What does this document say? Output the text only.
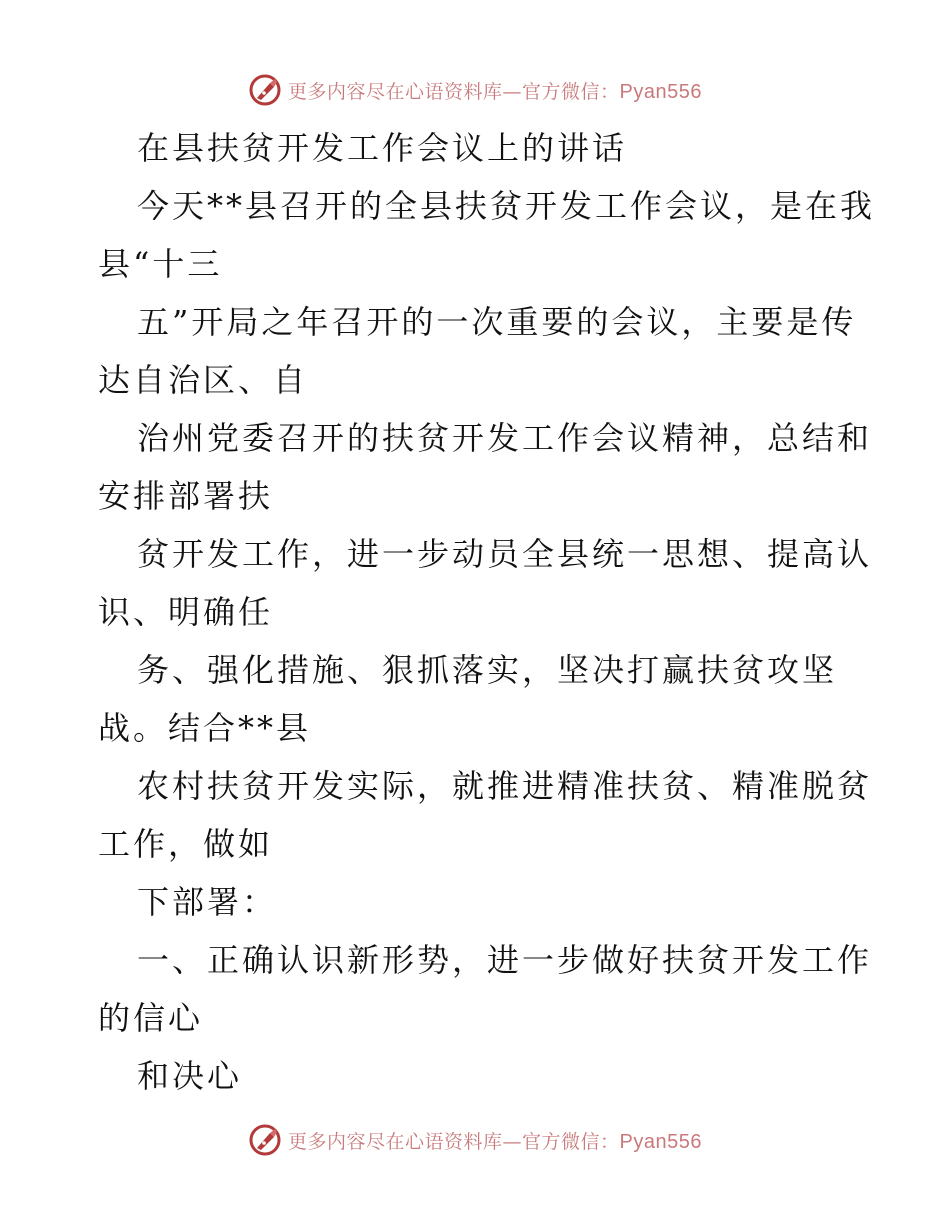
更多内容尽在心语资料库—官方微信：Pyan556
在县扶贫开发工作会议上的讲话
今天**县召开的全县扶贫开发工作会议，是在我
县“十三
五”开局之年召开的一次重要的会议，主要是传
达自治区、自
治州党委召开的扶贫开发工作会议精神，总结和
安排部署扶
贫开发工作，进一步动员全县统一思想、提高认
识、明确任
务、强化措施、狠抓落实，坚决打赢扶贫攻坚
战。结合**县
农村扶贫开发实际，就推进精准扶贫、精准脱贫
工作，做如
下部署：
一、正确认识新形势，进一步做好扶贫开发工作
的信心
和决心
更多内容尽在心语资料库—官方微信：Pyan556
